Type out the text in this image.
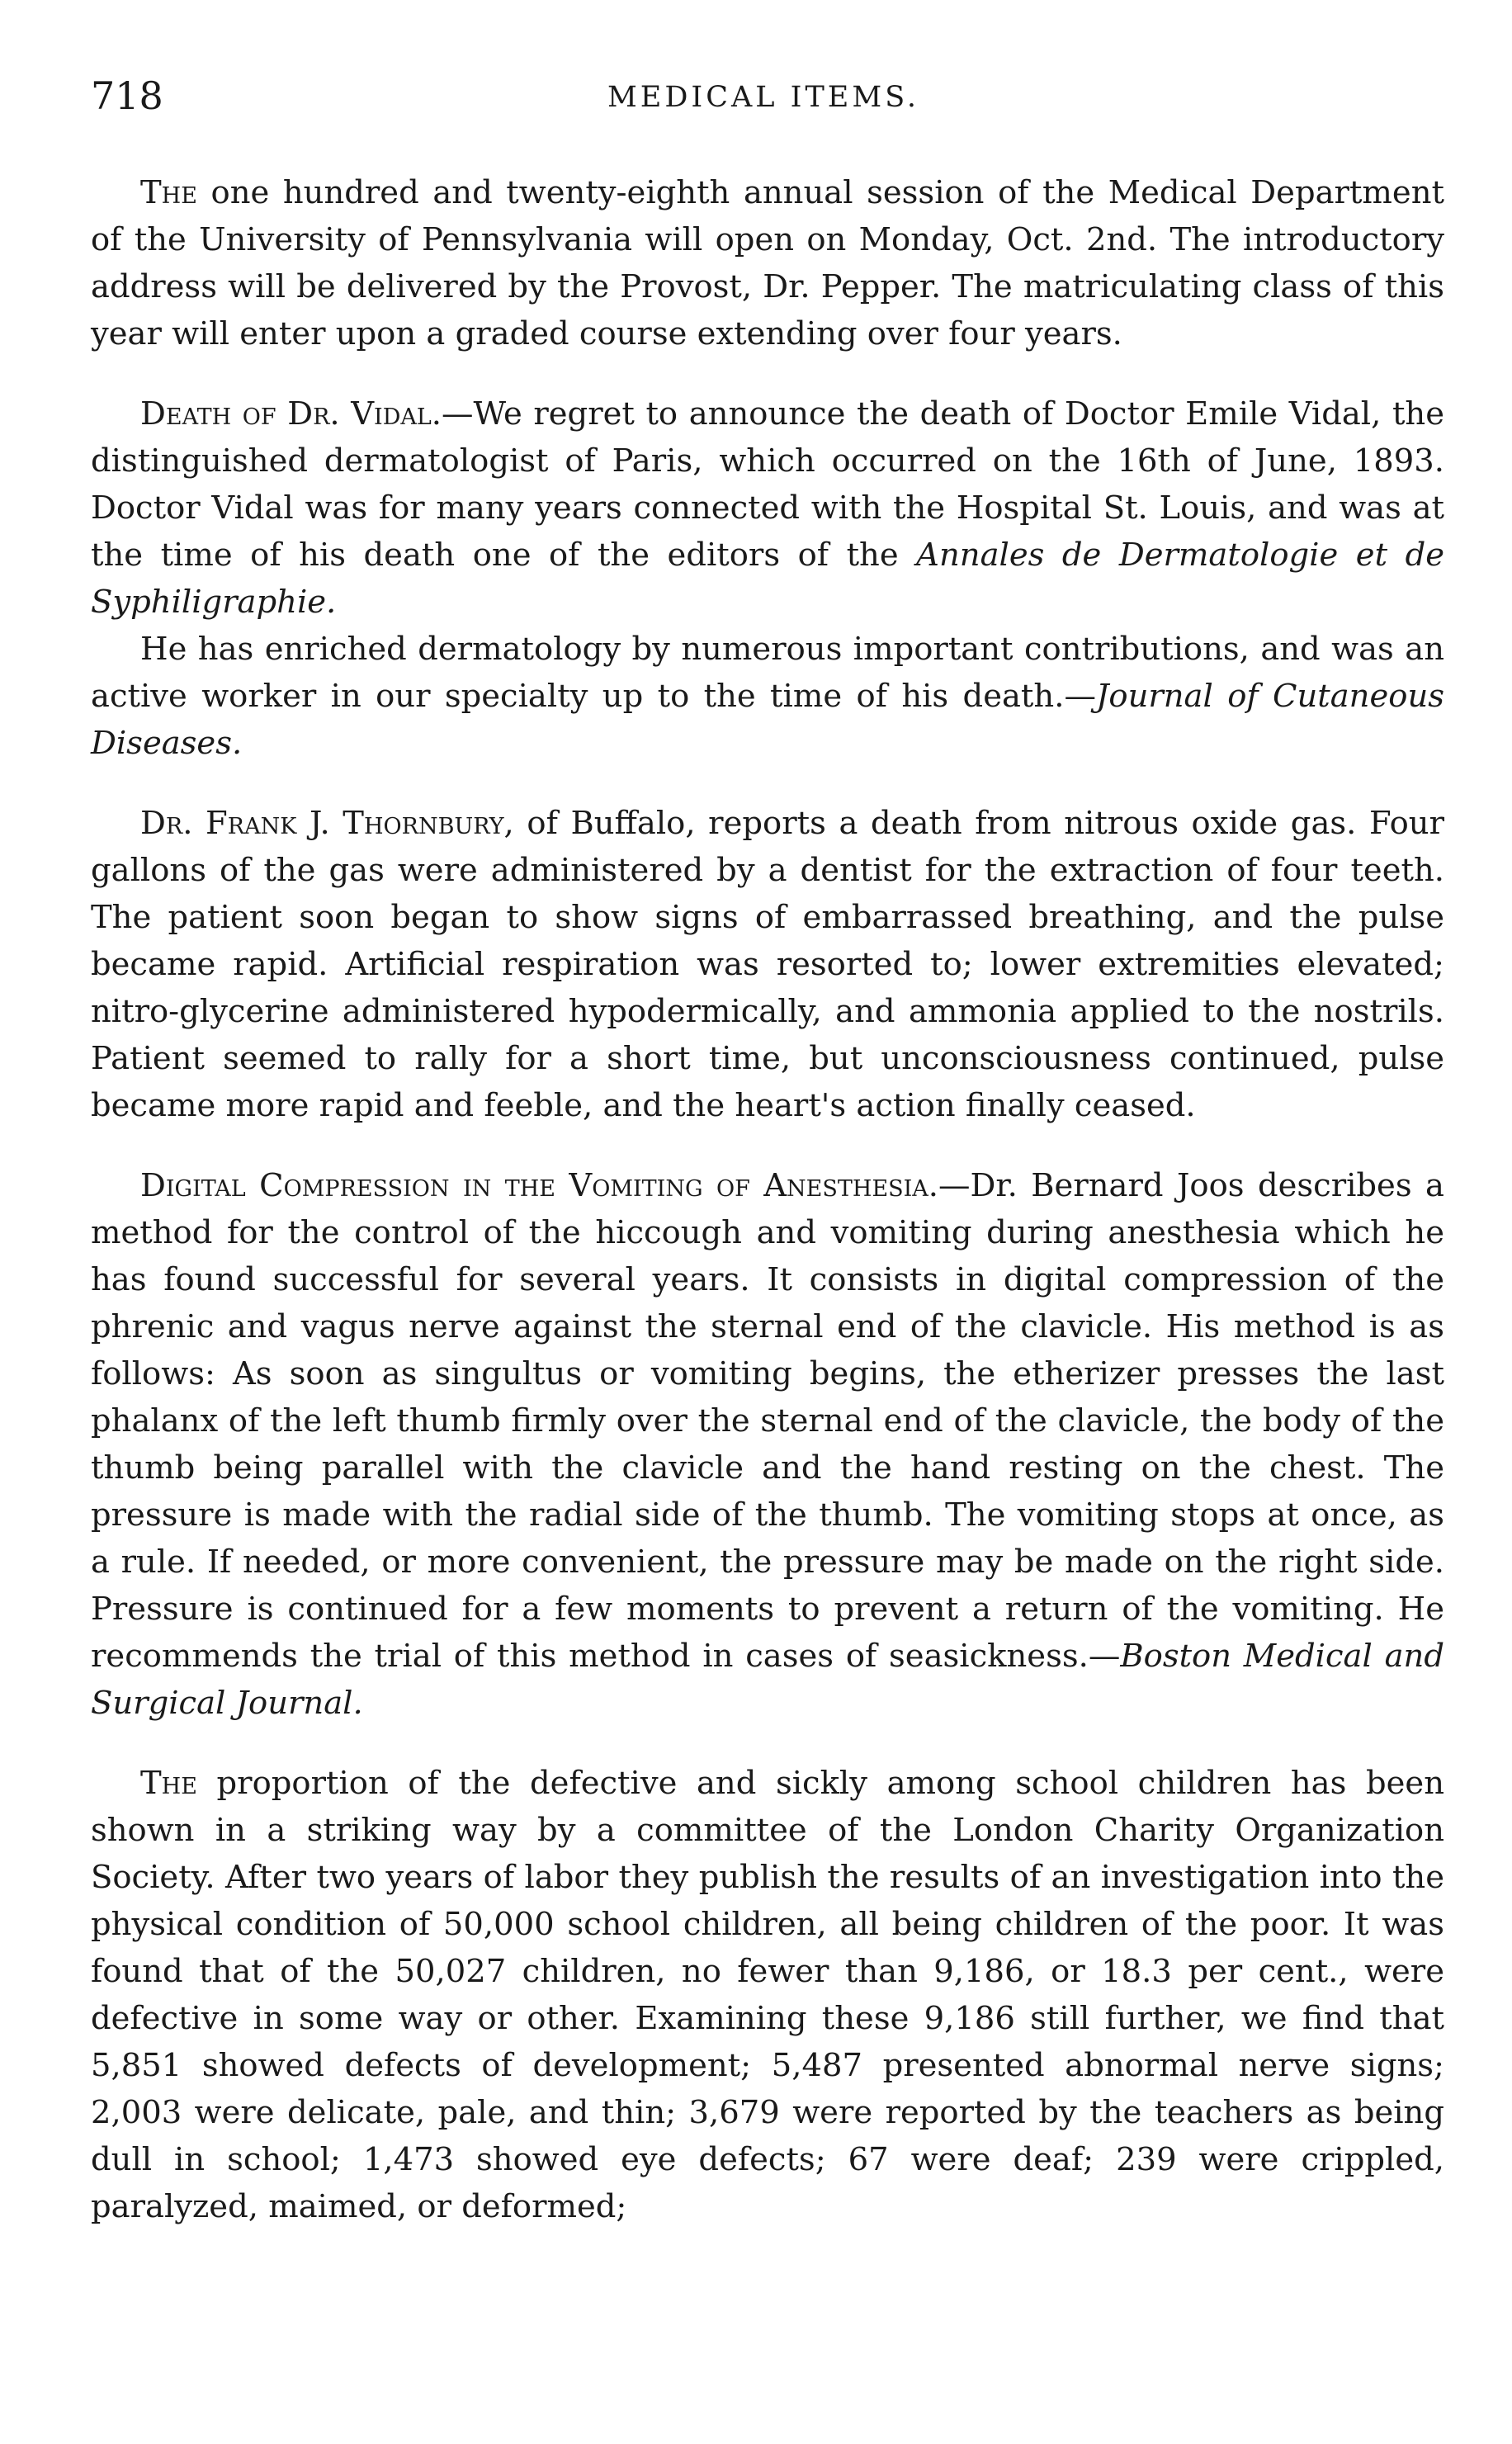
718	MEDICAL ITEMS.

The one hundred and twenty-eighth annual session of the Medical Department of the University of Pennsylvania will open on Monday, Oct. 2nd. The introductory address will be delivered by the Provost, Dr. Pepper. The matriculating class of this year will enter upon a graded course extending over four years.

Death of Dr. Vidal.—We regret to announce the death of Doctor Emile Vidal, the distinguished dermatologist of Paris, which occurred on the 16th of June, 1893. Doctor Vidal was for many years connected with the Hospital St. Louis, and was at the time of his death one of the editors of the Annales de Dermatologie et de Syphiligraphie.

He has enriched dermatology by numerous important contributions, and was an active worker in our specialty up to the time of his death.—Journal of Cutaneous Diseases.

Dr. Frank J. Thornbury, of Buffalo, reports a death from nitrous oxide gas. Four gallons of the gas were administered by a dentist for the extraction of four teeth. The patient soon began to show signs of embarrassed breathing, and the pulse became rapid. Artificial respiration was resorted to; lower extremities elevated; nitro-glycerine administered hypodermically, and ammonia applied to the nostrils. Patient seemed to rally for a short time, but unconsciousness continued, pulse became more rapid and feeble, and the heart's action finally ceased.

Digital Compression in the Vomiting of Anesthesia.—Dr. Bernard Joos describes a method for the control of the hiccough and vomiting during anesthesia which he has found successful for several years. It consists in digital compression of the phrenic and vagus nerve against the sternal end of the clavicle. His method is as follows: As soon as singultus or vomiting begins, the etherizer presses the last phalanx of the left thumb firmly over the sternal end of the clavicle, the body of the thumb being parallel with the clavicle and the hand resting on the chest. The pressure is made with the radial side of the thumb. The vomiting stops at once, as a rule. If needed, or more convenient, the pressure may be made on the right side. Pressure is continued for a few moments to prevent a return of the vomiting. He recommends the trial of this method in cases of seasickness.—Boston Medical and Surgical Journal.

The proportion of the defective and sickly among school children has been shown in a striking way by a committee of the London Charity Organization Society. After two years of labor they publish the results of an investigation into the physical condition of 50,000 school children, all being children of the poor. It was found that of the 50,027 children, no fewer than 9,186, or 18.3 per cent., were defective in some way or other. Examining these 9,186 still further, we find that 5,851 showed defects of development; 5,487 presented abnormal nerve signs; 2,003 were delicate, pale, and thin; 3,679 were reported by the teachers as being dull in school; 1,473 showed eye defects; 67 were deaf; 239 were crippled, paralyzed, maimed, or deformed;
